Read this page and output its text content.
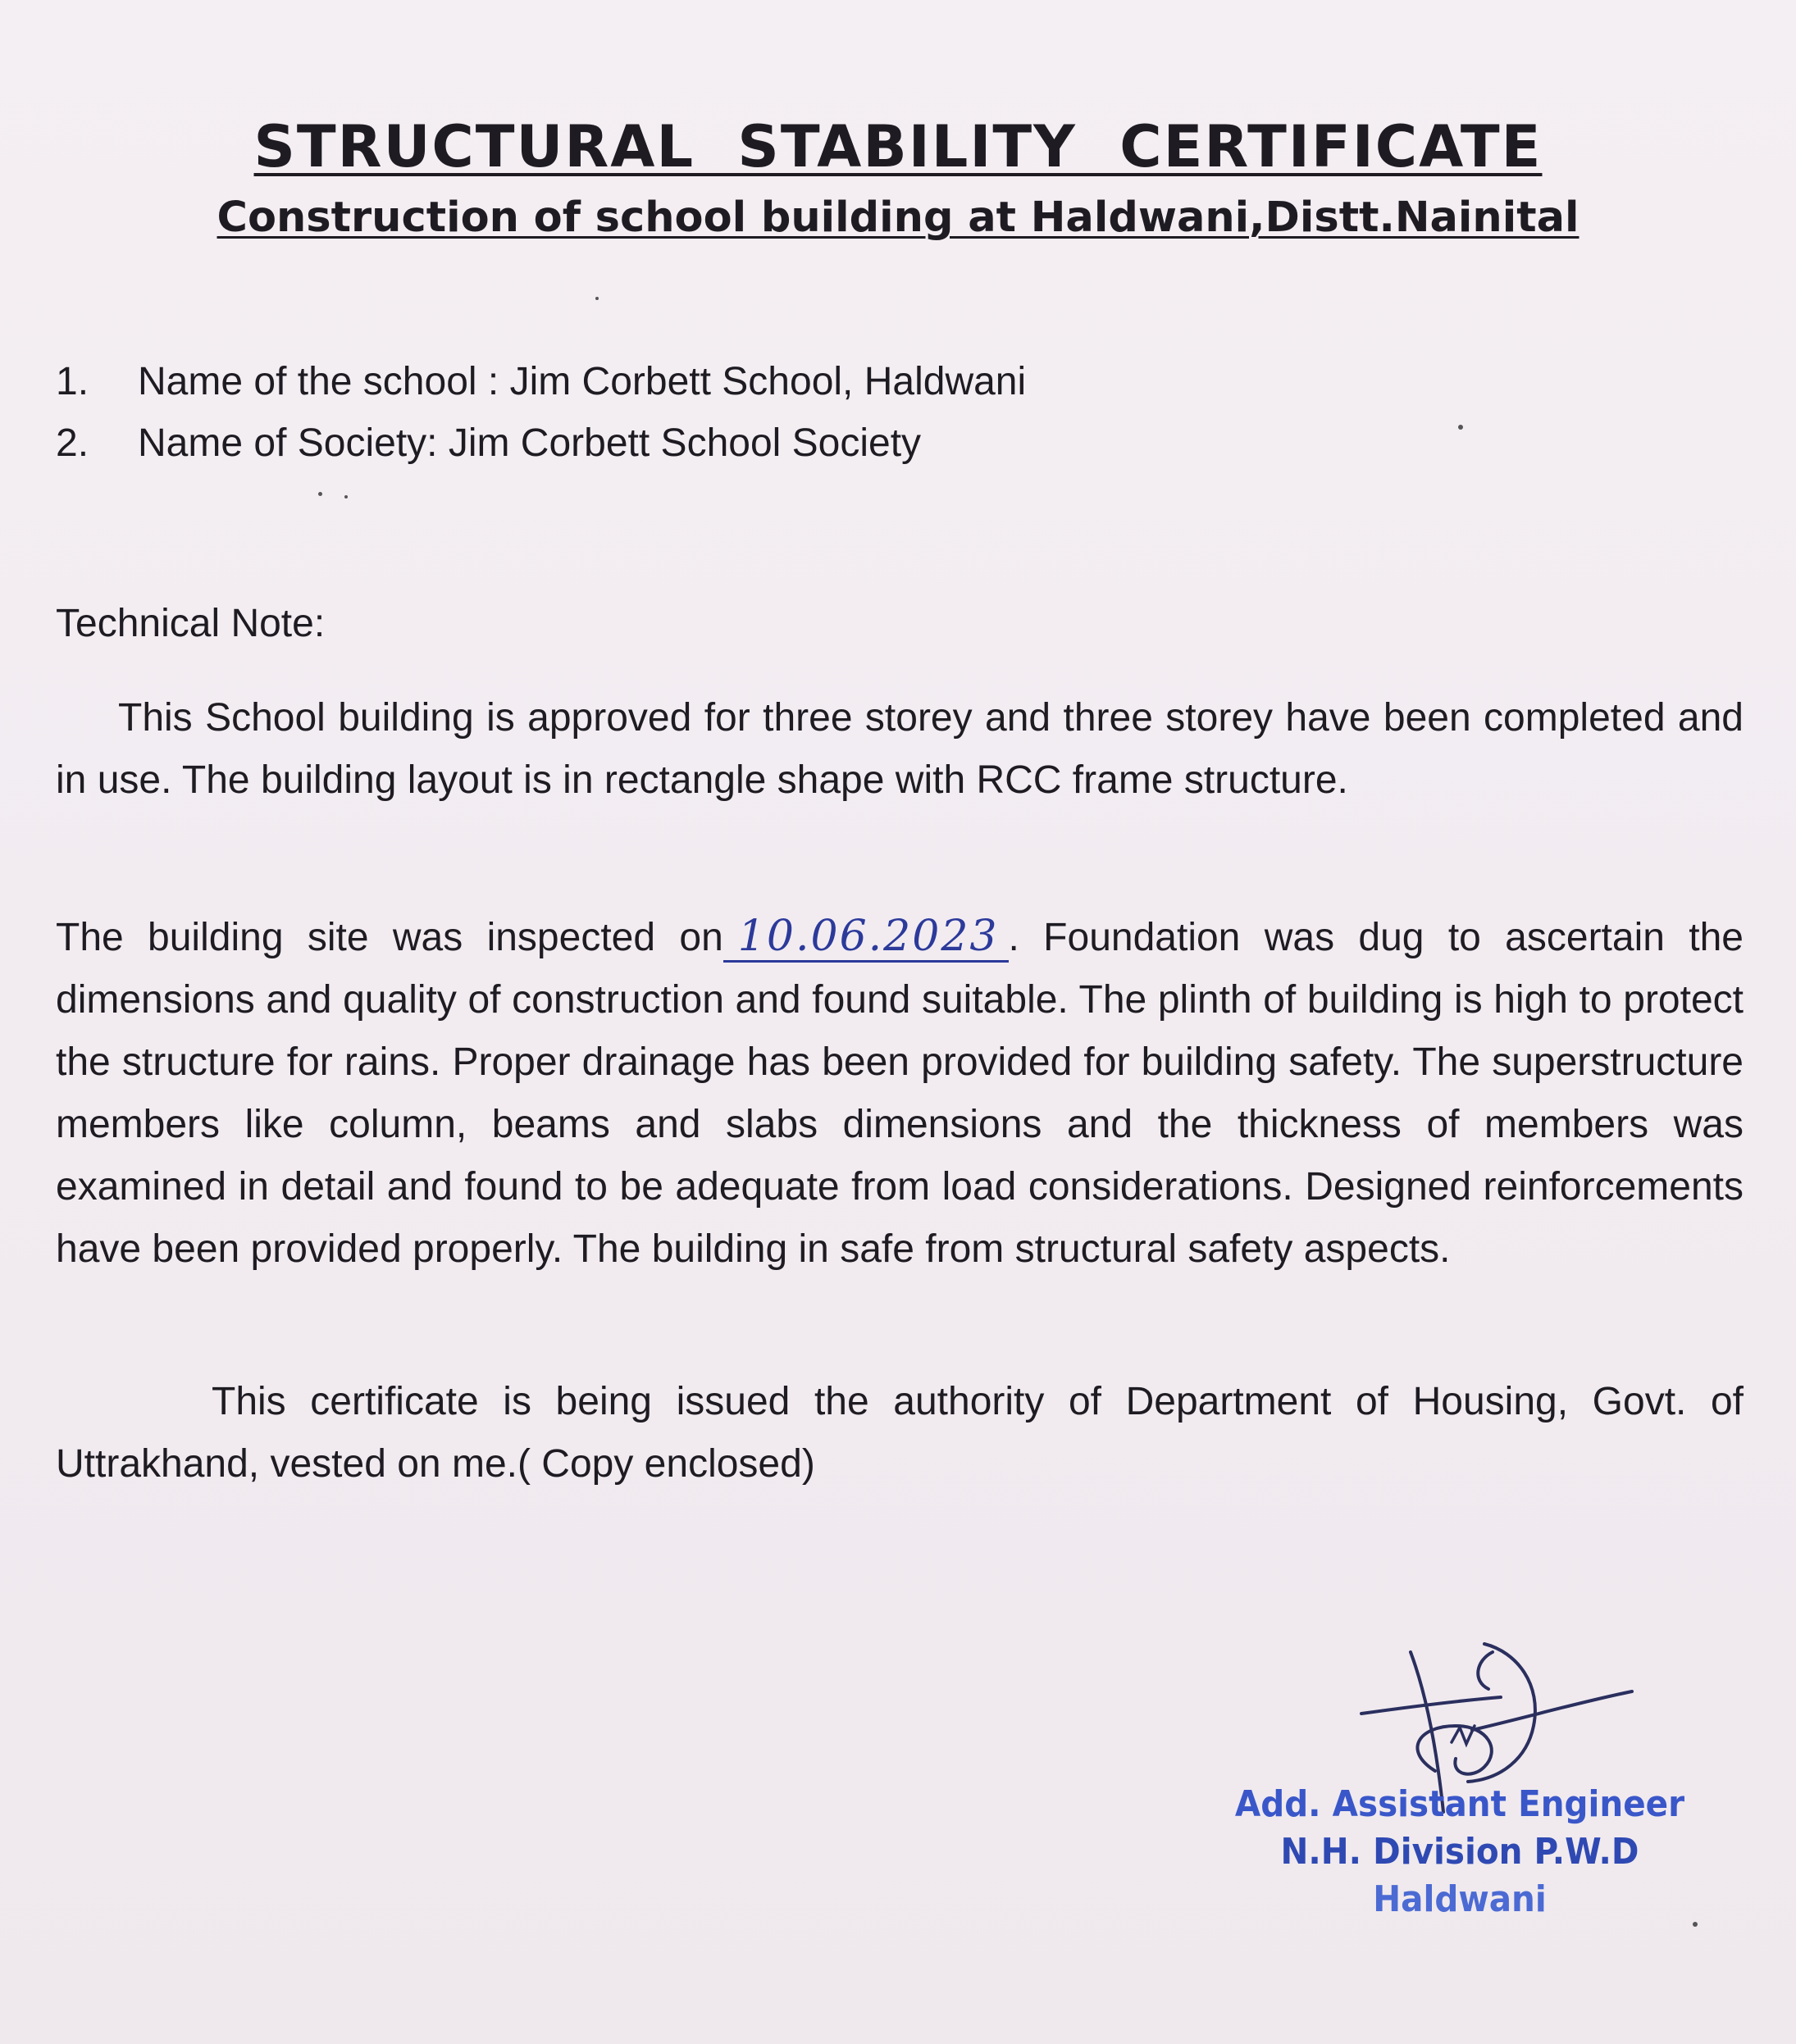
STRUCTURAL STABILITY CERTIFICATE
Construction of school building at Haldwani,Distt.Nainital
1.	Name of the school : Jim Corbett School, Haldwani
2.	Name of Society: Jim Corbett School Society
Technical Note:

This School building is approved for three storey and three storey have been completed and in use. The building layout is in rectangle shape with RCC frame structure.

The building site was inspected on 10.06.2023 . Foundation was dug to ascertain the dimensions and quality of construction and found suitable. The plinth of building is high to protect the structure for rains. Proper drainage has been provided for building safety. The superstructure members like column, beams and slabs dimensions and the thickness of members was examined in detail and found to be adequate from load considerations. Designed reinforcements have been provided properly. The building in safe from structural safety aspects.

This certificate is being issued the authority of Department of Housing, Govt. of Uttrakhand, vested on me.( Copy enclosed)

Add. Assistant Engineer
N.H. Division P.W.D
Haldwani
